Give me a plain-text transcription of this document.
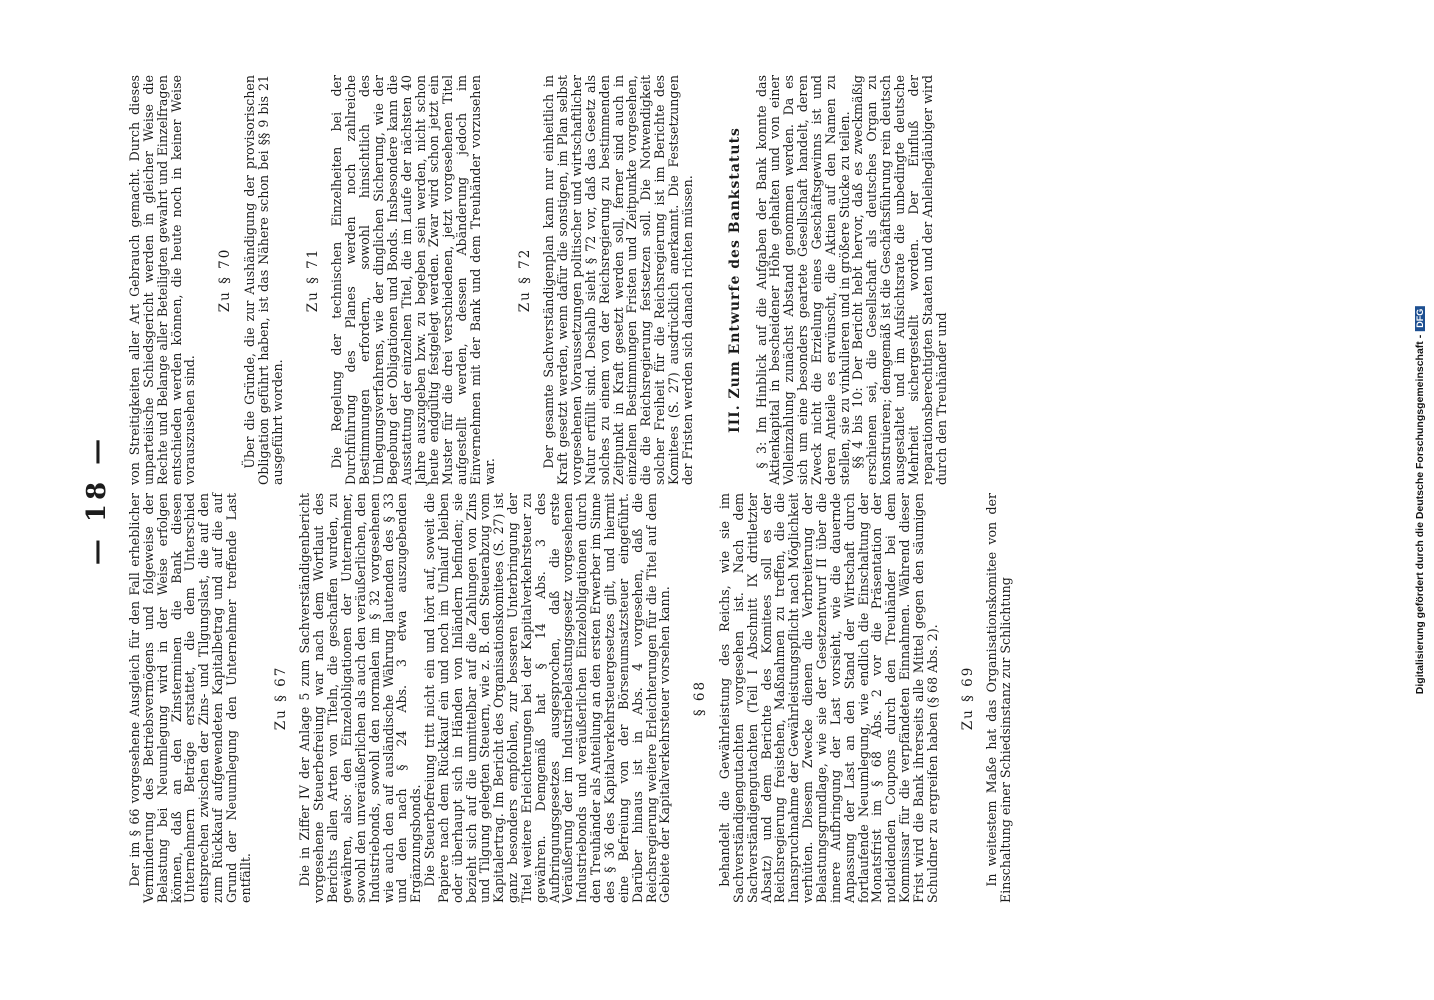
— 18 — Der im § 66 vorgesehene Ausgleich für den Fall erheblicher Verminderung des Betriebsvermögens und folgeweise der Belastung bei Neuumlegung wird in der Weise erfolgen können, daß an den Zinsterminen die Bank diesen Unternehmern Beträge erstattet, die dem Unterschied entsprechen zwischen der Zins- und Tilgungslast, die auf den zum Rückkauf aufgewendeten Kapitalbetrag und auf die auf Grund der Neuumlegung den Unternehmer treffende Last entfällt.

Zu § 67 Die in Ziffer IV der Anlage 5 zum Sachverständigenbericht vorgesehene Steuerbefreiung war nach dem Wortlaut des Berichts allen Arten von Titeln, die geschaffen wurden, zu gewähren, also: den Einzelobligationen der Unternehmer, sowohl den unveräußerlichen als auch den veräußerlichen, den Industriebonds, sowohl den normalen im § 32 vorgesehenen wie auch den auf ausländische Währung lautenden des § 33 und den nach § 24 Abs. 3 etwa auszugebenden Ergänzungsbonds.

Die Steuerbefreiung tritt nicht ein und hört auf, soweit die Papiere nach dem Rückkauf ein und noch im Umlauf bleiben oder überhaupt sich in Händen von Inländern befinden; sie bezieht sich auf die unmittelbar auf die Zahlungen von Zins und Tilgung gelegten Steuern, wie z. B. den Steuerabzug vom Kapitalertrag. Im Bericht des Organisationskomitees (S. 27) ist ganz besonders empfohlen, zur besseren Unterbringung der Titel weitere Erleichterungen bei der Kapitalverkehrsteuer zu gewähren. Demgemäß hat § 14 Abs. 3 des Aufbringungsgesetzes ausgesprochen, daß die erste Veräußerung der im Industriebelastungsgesetz vorgesehenen Industriebonds und veräußerlichen Einzelobligationen durch den Treuhänder als Anteilung an den ersten Erwerber im Sinne des § 36 des Kapitalverkehrsteuergesetzes gilt, und hiermit eine Befreiung von der Börsenumsatzsteuer eingeführt. Darüber hinaus ist in Abs. 4 vorgesehen, daß die Reichsregierung weitere Erleichterungen für die Titel auf dem Gebiete der Kapitalverkehrsteuer vorsehen kann. § 68 behandelt die Gewährleistung des Reichs, wie sie im Sachverständigengutachten vorgesehen ist. Nach dem Sachverständigengutachten (Teil I Abschnitt IX drittletzter Absatz) und dem Berichte des Komitees soll es der Reichsregierung freistehen, Maßnahmen zu treffen, die die Inanspruchnahme der Gewährleistungspflicht nach Möglichkeit verhüten. Diesem Zwecke dienen die Verbreiterung der Belastungsgrundlage, wie sie der Gesetzentwurf II über die innere Aufbringung der Last vorsieht, wie die dauernde Anpassung der Last an den Stand der Wirtschaft durch fortlaufende Neuumlegung, wie endlich die Einschaltung der Monatsfrist im § 68 Abs. 2 vor die Präsentation der notleidenden Coupons durch den Treuhänder bei dem Kommissar für die verpfändeten Einnahmen. Während dieser Frist wird die Bank ihrerseits alle Mittel gegen den säumigen Schuldner zu ergreifen haben (§ 68 Abs. 2). Zu § 69 In weitestem Maße hat das Organisationskomitee von der Einschaltung einer Schiedsinstanz zur Schlichtung

von Streitigkeiten aller Art Gebrauch gemacht. Durch dieses unparteiische Schiedsgericht werden in gleicher Weise die Rechte und Belange aller Beteiligten gewahrt und Einzelfragen entschieden werden können, die heute noch in keiner Weise vorauszusehen sind.

Zu § 70 Über die Gründe, die zur Aushändigung der provisorischen Obligation geführt haben, ist das Nähere schon bei §§ 9 bis 21 ausgeführt worden.

Zu § 71 Die Regelung der technischen Einzelheiten bei der Durchführung des Planes werden noch zahlreiche Bestimmungen erfordern, sowohl hinsichtlich des Umlegungsverfahrens, wie der dinglichen Sicherung, wie der Begebung der Obligationen und Bonds. Insbesondere kann die Ausstattung der einzelnen Titel, die im Laufe der nächsten 40 Jahre auszugeben bzw. zu begeben sein werden, nicht schon heute endgültig festgelegt werden. Zwar wird schon jetzt ein Muster für die drei verschiedenen, jetzt vorgesehenen Titel aufgestellt werden, dessen Abänderung jedoch im Einvernehmen mit der Bank und dem Treuhänder vorzusehen war.

Zu § 72 Der gesamte Sachverständigenplan kann nur einheitlich in Kraft gesetzt werden, wenn dafür die sonstigen, im Plan selbst vorgesehenen Voraussetzungen politischer und wirtschaftlicher Natur erfüllt sind. Deshalb sieht § 72 vor, daß das Gesetz als solches zu einem von der Reichsregierung zu bestimmenden Zeitpunkt in Kraft gesetzt werden soll, ferner sind auch in einzelnen Bestimmungen Fristen und Zeitpunkte vorgesehen, die die Reichsregierung festsetzen soll. Die Notwendigkeit solcher Freiheit für die Reichsregierung ist im Berichte des Komitees (S. 27) ausdrücklich anerkannt. Die Festsetzungen der Fristen werden sich danach richten müssen. III. Zum Entwurfe des Bankstatuts § 3: Im Hinblick auf die Aufgaben der Bank konnte das Aktienkapital in bescheidener Höhe gehalten und von einer Volleinzahlung zunächst Abstand genommen werden. Da es sich um eine besonders geartete Gesellschaft handelt, deren Zweck nicht die Erzielung eines Geschäftsgewinns ist und deren Anteile es erwünscht, die Aktien auf den Namen zu stellen, sie zu vinkulieren und in größere Stücke zu teilen.

§§ 4 bis 10: Der Bericht hebt hervor, daß es zweckmäßig erschienen sei, die Gesellschaft als deutsches Organ zu konstruieren; demgemäß ist die Geschäftsführung rein deutsch ausgestaltet und im Aufsichtsrate die unbedingte deutsche Mehrheit sichergestellt worden. Der Einfluß der reparationsberechtigten Staaten und der Anleihegläubiger wird durch den Treuhänder und	Digitalisierung gefördert durch die Deutsche Forschungsgemeinschaft -DFG
